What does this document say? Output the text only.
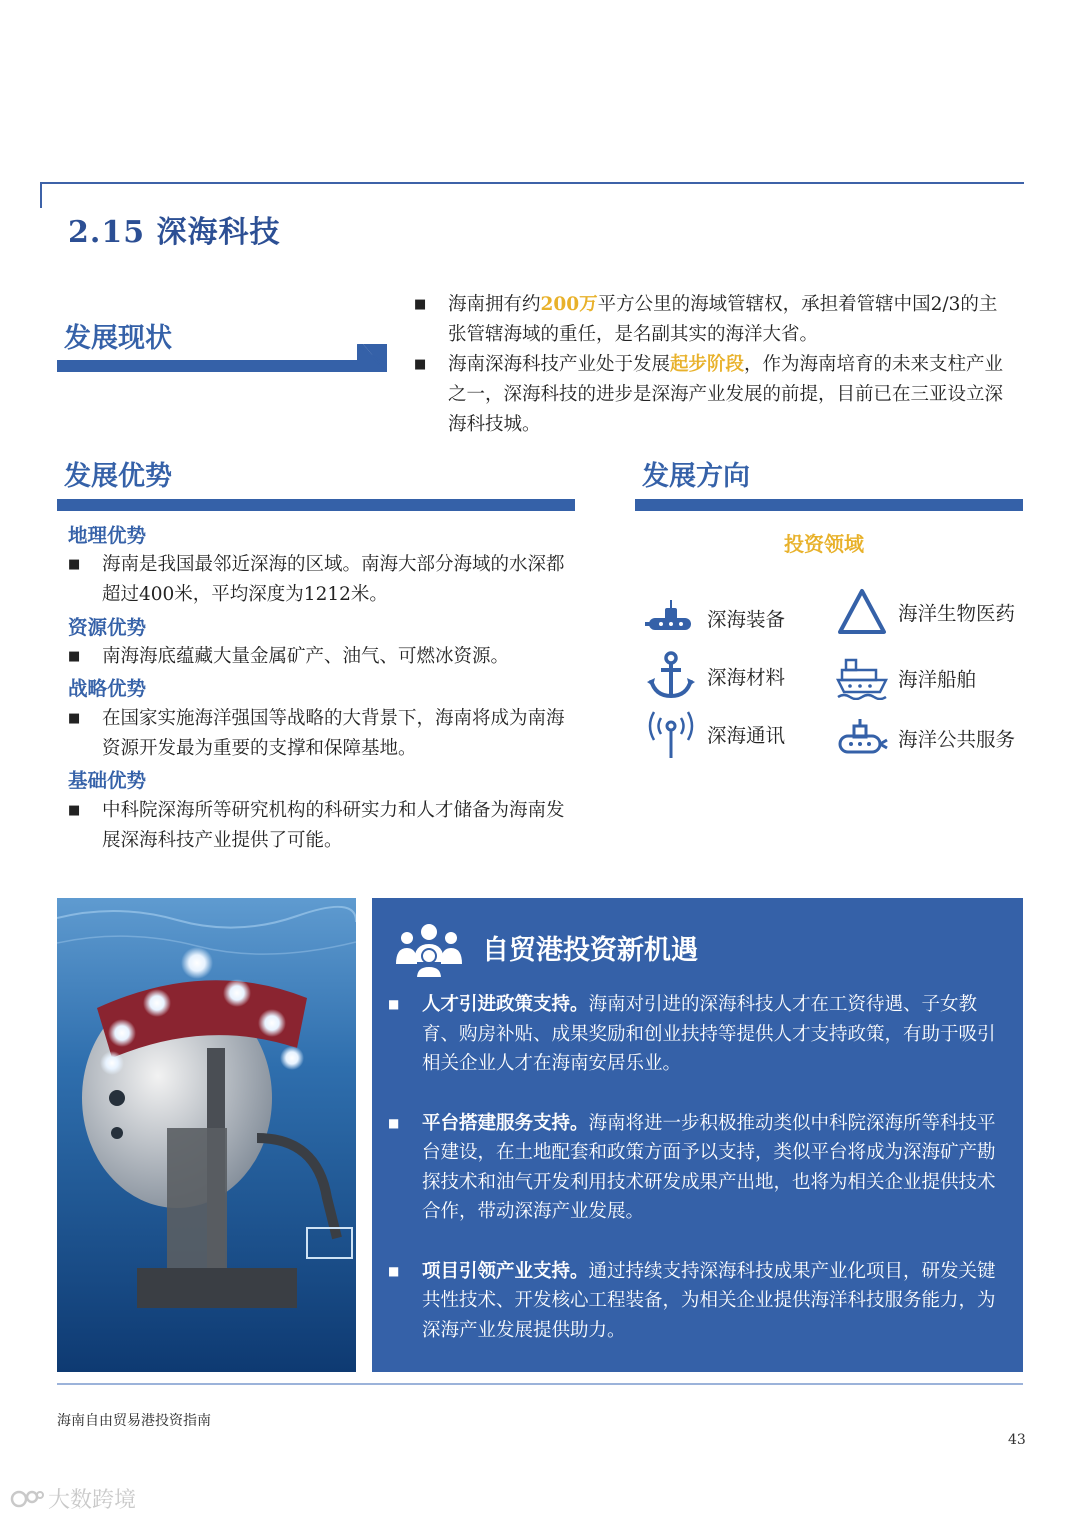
2.15 深海科技
发展现状
■ 海南拥有约200万平方公里的海域管辖权，承担着管辖中国2/3的主张管辖海域的重任，是名副其实的海洋大省。
■ 海南深海科技产业处于发展起步阶段，作为海南培育的未来支柱产业之一，深海科技的进步是深海产业发展的前提，目前已在三亚设立深海科技城。
发展优势
地理优势
■ 海南是我国最邻近深海的区域。南海大部分海域的水深都超过400米，平均深度为1212米。
资源优势
■ 南海海底蕴藏大量金属矿产、油气、可燃冰资源。
战略优势
■ 在国家实施海洋强国等战略的大背景下，海南将成为南海资源开发最为重要的支撑和保障基地。
基础优势
■ 中科院深海所等研究机构的科研实力和人才储备为海南发展深海科技产业提供了可能。
发展方向
投资领域
深海装备	海洋生物医药
深海材料	海洋船舶
深海通讯	海洋公共服务
自贸港投资新机遇
■ 人才引进政策支持。海南对引进的深海科技人才在工资待遇、子女教育、购房补贴、成果奖励和创业扶持等提供人才支持政策，有助于吸引相关企业人才在海南安居乐业。
■ 平台搭建服务支持。海南将进一步积极推动类似中科院深海所等科技平台建设，在土地配套和政策方面予以支持，类似平台将成为深海矿产勘探技术和油气开发利用技术研发成果产出地，也将为相关企业提供技术合作，带动深海产业发展。
■ 项目引领产业支持。通过持续支持深海科技成果产业化项目，研发关键共性技术、开发核心工程装备，为相关企业提供海洋科技服务能力，为深海产业发展提供助力。
海南自由贸易港投资指南
43
大数跨境
